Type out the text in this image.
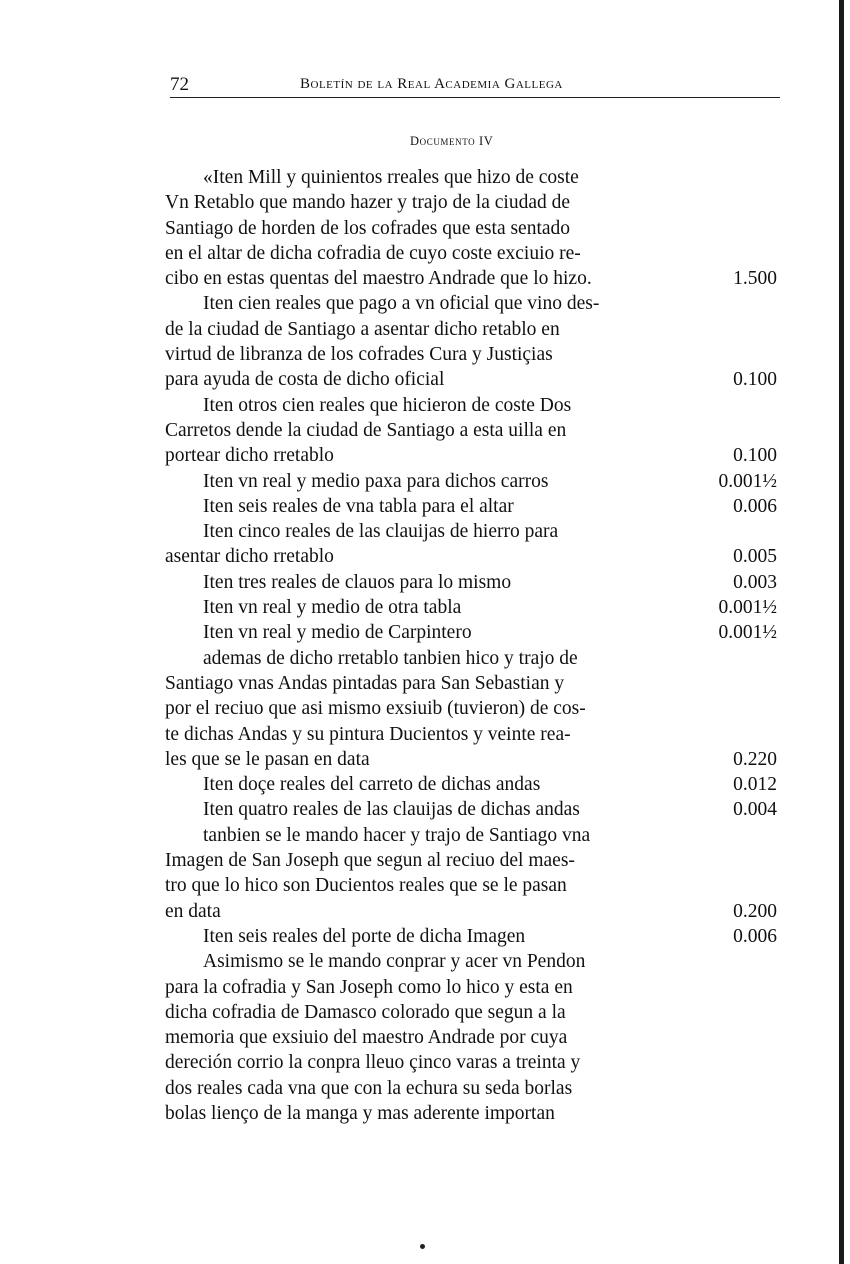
72	Boletín de la Real Academia Gallega
Documento IV
«Iten Mill y quinientos rreales que hizo de coste
Vn Retablo que mando hazer y trajo de la ciudad de
Santiago de horden de los cofrades que esta sentado
en el altar de dicha cofradia de cuyo coste exciuio re-
cibo en estas quentas del maestro Andrade que lo hizo.	1.500
Iten cien reales que pago a vn oficial que vino des-
de la ciudad de Santiago a asentar dicho retablo en
virtud de libranza de los cofrades Cura y Justiçias
para ayuda de costa de dicho oficial	0.100
Iten otros cien reales que hicieron de coste Dos
Carretos dende la ciudad de Santiago a esta uilla en
portear dicho rretablo	0.100
Iten vn real y medio paxa para dichos carros	0.001½
Iten seis reales de vna tabla para el altar	0.006
Iten cinco reales de las clauijas de hierro para
asentar dicho rretablo	0.005
Iten tres reales de clauos para lo mismo	0.003
Iten vn real y medio de otra tabla	0.001½
Iten vn real y medio de Carpintero	0.001½
ademas de dicho rretablo tanbien hico y trajo de
Santiago vnas Andas pintadas para San Sebastian y
por el reciuo que asi mismo exsiuib (tuvieron) de cos-
te dichas Andas y su pintura Ducientos y veinte rea-
les que se le pasan en data	0.220
Iten doçe reales del carreto de dichas andas	0.012
Iten quatro reales de las clauijas de dichas andas	0.004
tanbien se le mando hacer y trajo de Santiago vna
Imagen de San Joseph que segun al reciuo del maes-
tro que lo hico son Ducientos reales que se le pasan
en data	0.200
Iten seis reales del porte de dicha Imagen	0.006
Asimismo se le mando conprar y acer vn Pendon
para la cofradia y San Joseph como lo hico y esta en
dicha cofradia de Damasco colorado que segun a la
memoria que exsiuio del maestro Andrade por cuya
dereción corrio la conpra lleuo çinco varas a treinta y
dos reales cada vna que con la echura su seda borlas
bolas lienço de la manga y mas aderente importan
